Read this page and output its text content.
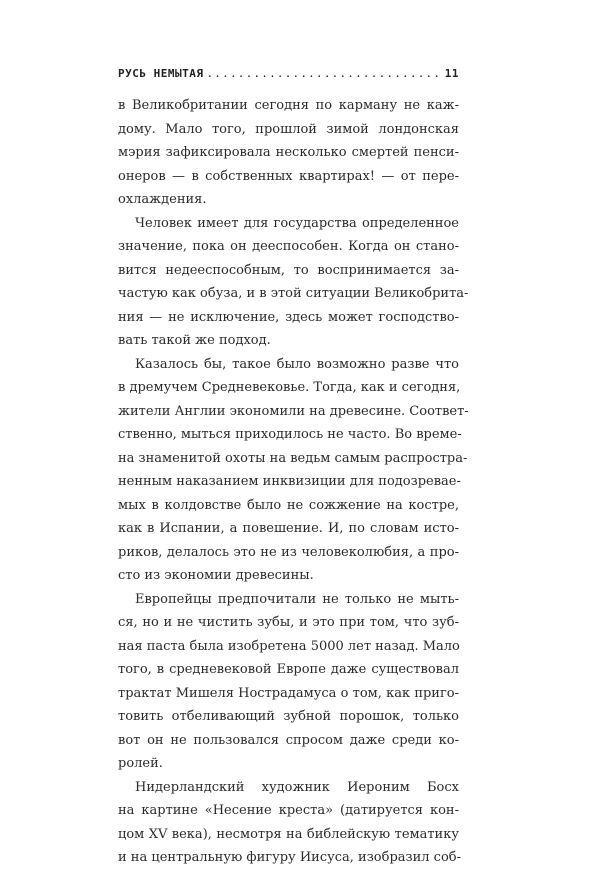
РУСЬ НЕМЫТАЯ
.....	11
в Великобритании сегодня по карману не каж-
дому. Мало того, прошлой зимой лондонская
мэрия зафиксировала несколько смертей пенси-
онеров — в собственных квартирах! — от пере-
охлаждения.
Человек имеет для государства определенное
значение, пока он дееспособен. Когда он стано-
вится недееспособным, то воспринимается за-
частую как обуза, и в этой ситуации Великобрита-
ния — не исключение, здесь может господство-
вать такой же подход.
Казалось бы, такое было возможно разве что
в дремучем Средневековье. Тогда, как и сегодня,
жители Англии экономили на древесине. Соответ-
ственно, мыться приходилось не часто. Во време-
на знаменитой охоты на ведьм самым распростра-
ненным наказанием инквизиции для подозревае-
мых в колдовстве было не сожжение на костре,
как в Испании, а повешение. И, по словам исто-
риков, делалось это не из человеколюбия, а про-
сто из экономии древесины.
Европейцы предпочитали не только не мыть-
ся, но и не чистить зубы, и это при том, что зуб-
ная паста была изобретена 5000 лет назад. Мало
того, в средневековой Европе даже существовал
трактат Мишеля Нострадамуса о том, как приго-
товить отбеливающий зубной порошок, только
вот он не пользовался спросом даже среди ко-
ролей.
Нидерландский художник Иероним Босх
на картине «Несение креста» (датируется кон-
цом XV века), несмотря на библейскую тематику
и на центральную фигуру Иисуса, изобразил соб-
